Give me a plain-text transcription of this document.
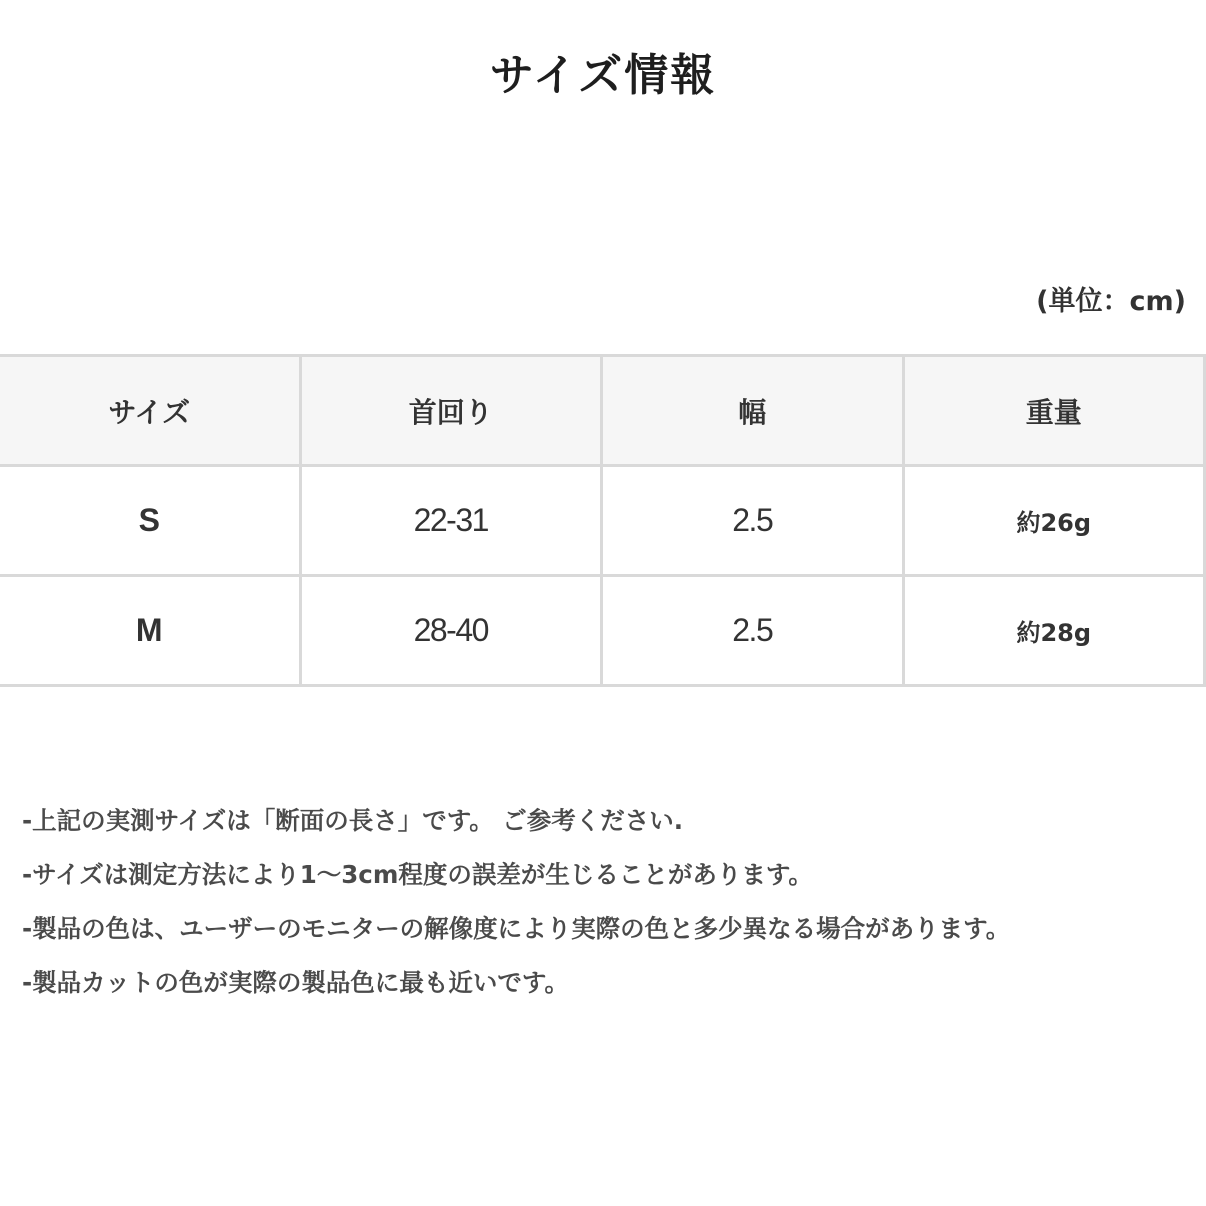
サイズ情報
(単位：cm)
サイズ	首回り	幅	重量
S	22-31	2.5	約26g
M	28-40	2.5	約28g
-上記の実測サイズは「断面の長さ」です。 ご参考ください.
-サイズは測定方法により1～3cm程度の誤差が生じることがあります。
-製品の色は、ユーザーのモニターの解像度により実際の色と多少異なる場合があります。
-製品カットの色が実際の製品色に最も近いです。
